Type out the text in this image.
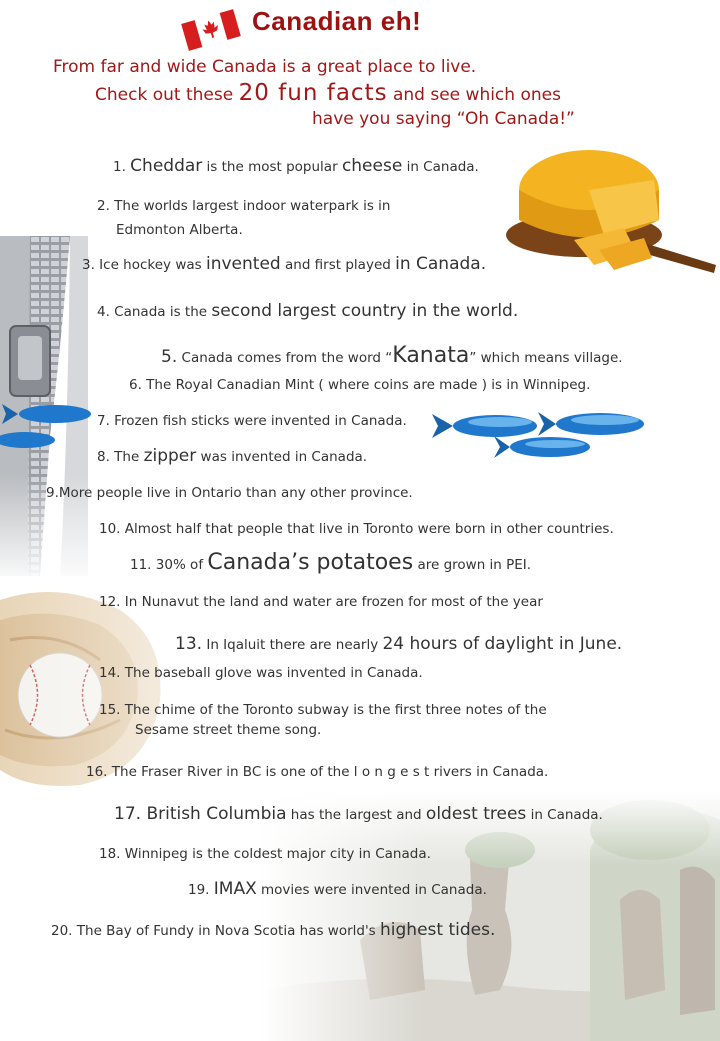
Canadian eh!
From far and wide Canada is a great place to live.
Check out these 20 fun facts and see which ones
have you saying “Oh Canada!”
1. Cheddar is the most popular cheese in Canada.
2. The worlds largest indoor waterpark is in
Edmonton Alberta.
3. Ice hockey was invented and first played in Canada.
4. Canada is the second largest country in the world.
5. Canada comes from the word “Kanata” which means village.
6. The Royal Canadian Mint ( where coins are made ) is in Winnipeg.
7. Frozen fish sticks were invented in Canada.
8. The zipper was invented in Canada.
9.More people live in Ontario than any other province.
10. Almost half that people that live in Toronto were born in other countries.
11. 30% of Canada’s potatoes are grown in PEI.
12. In Nunavut the land and water are frozen for most of the year
13. In Iqaluit there are nearly 24 hours of daylight in June.
14. The baseball glove was invented in Canada.
15. The chime of the Toronto subway is the first three notes of the
Sesame street theme song.
16. The Fraser River in BC is one of the l o n g e s t rivers in Canada.
17. British Columbia has the largest and oldest trees in Canada.
18. Winnipeg is the coldest major city in Canada.
19. IMAX movies were invented in Canada.
20. The Bay of Fundy in Nova Scotia has world's highest tides.
